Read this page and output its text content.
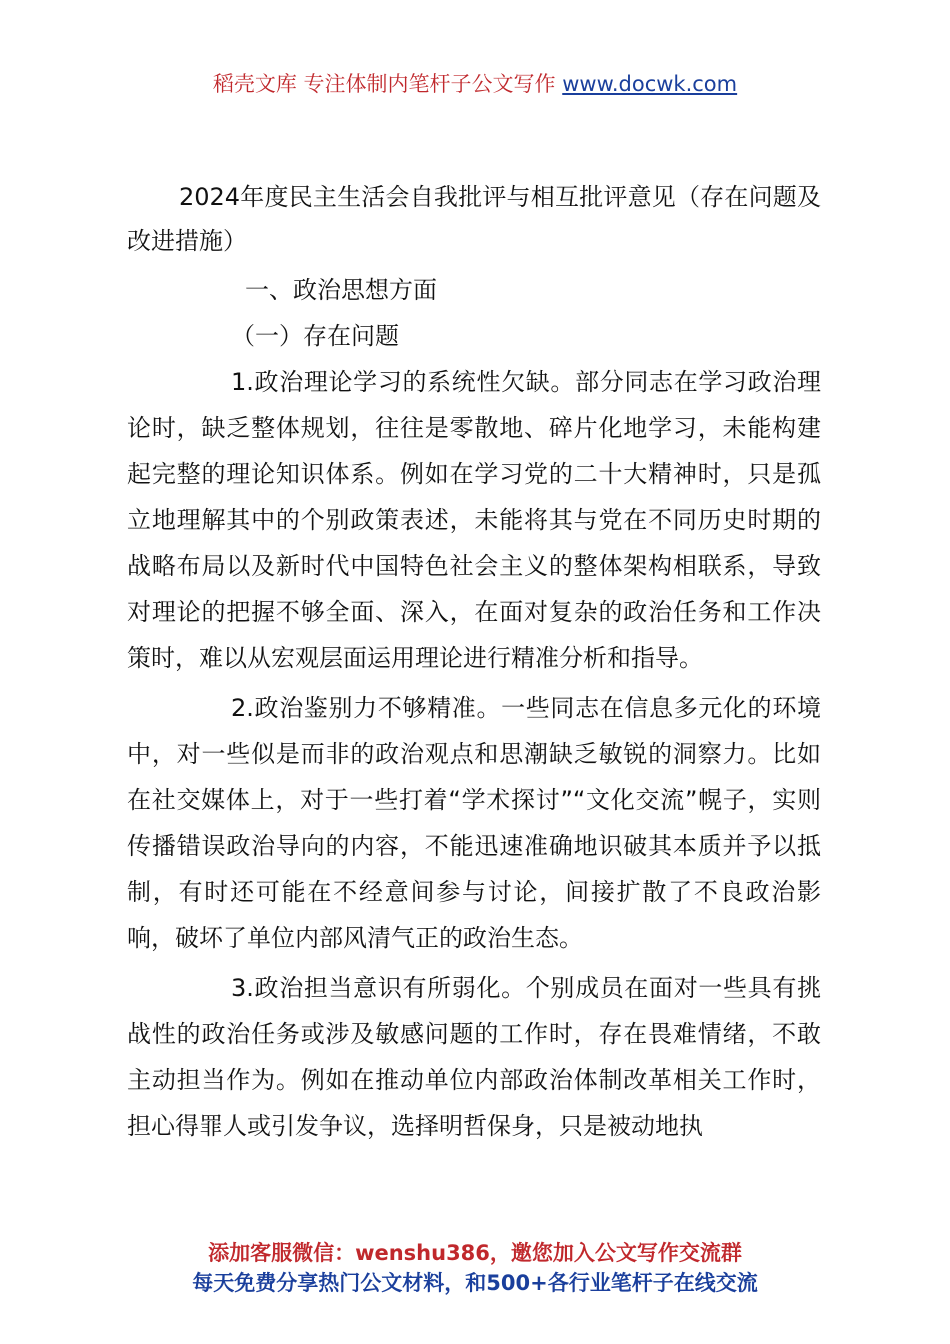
稻壳文库 专注体制内笔杆子公文写作 www.docwk.com

2024年度民主生活会自我批评与相互批评意见（存在问题及改进措施）

一、政治思想方面

（一）存在问题

1.政治理论学习的系统性欠缺。部分同志在学习政治理论时，缺乏整体规划，往往是零散地、碎片化地学习，未能构建起完整的理论知识体系。例如在学习党的二十大精神时，只是孤立地理解其中的个别政策表述，未能将其与党在不同历史时期的战略布局以及新时代中国特色社会主义的整体架构相联系，导致对理论的把握不够全面、深入，在面对复杂的政治任务和工作决策时，难以从宏观层面运用理论进行精准分析和指导。

2.政治鉴别力不够精准。一些同志在信息多元化的环境中，对一些似是而非的政治观点和思潮缺乏敏锐的洞察力。比如在社交媒体上，对于一些打着“学术探讨”“文化交流”幌子，实则传播错误政治导向的内容，不能迅速准确地识破其本质并予以抵制，有时还可能在不经意间参与讨论，间接扩散了不良政治影响，破坏了单位内部风清气正的政治生态。

3.政治担当意识有所弱化。个别成员在面对一些具有挑战性的政治任务或涉及敏感问题的工作时，存在畏难情绪，不敢主动担当作为。例如在推动单位内部政治体制改革相关工作时，担心得罪人或引发争议，选择明哲保身，只是被动地执

添加客服微信：wenshu386，邀您加入公文写作交流群
每天免费分享热门公文材料，和500+各行业笔杆子在线交流
